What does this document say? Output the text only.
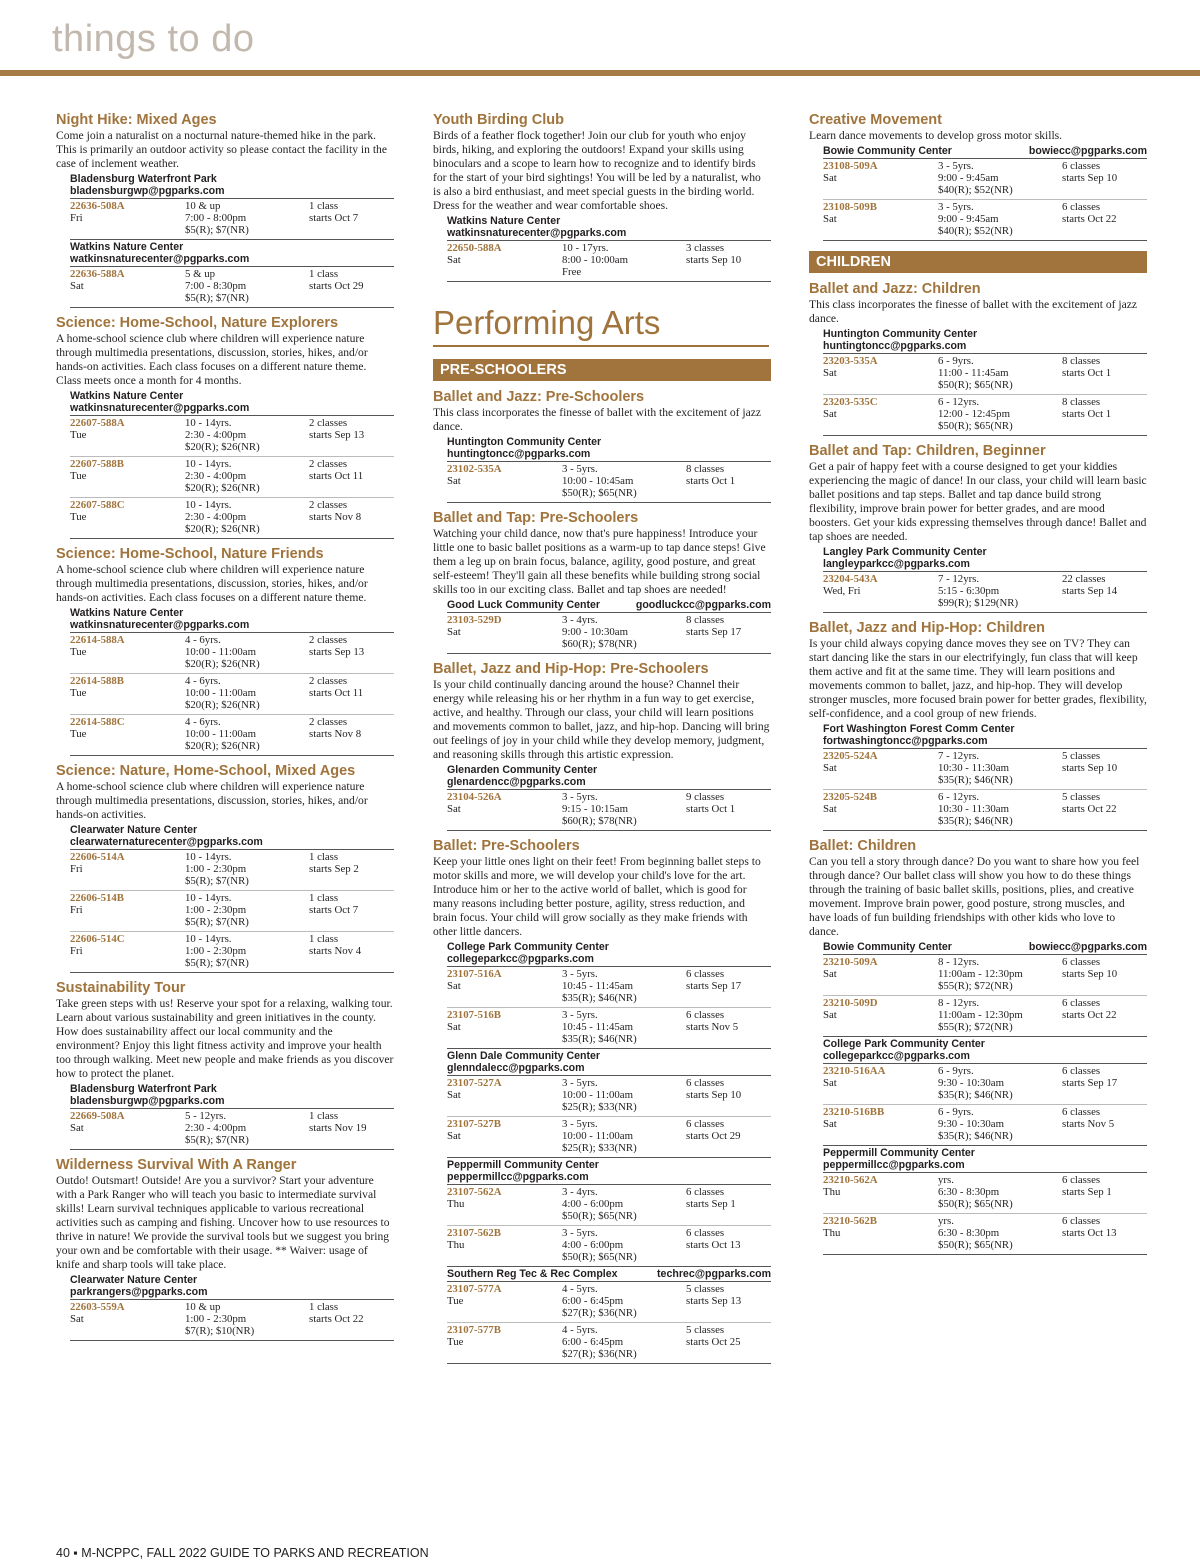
things to do
Night Hike: Mixed Ages
Come join a naturalist on a nocturnal nature-themed hike in the park. This is primarily an outdoor activity so please contact the facility in the case of inclement weather.
Bladensburg Waterfront Park
bladensburgwp@pgparks.com
22636-508A	10 & up	1 class
Fri	7:00 - 8:00pm	starts Oct 7
$5(R); $7(NR)
Watkins Nature Center
watkinsnaturecenter@pgparks.com
22636-588A	5 & up	1 class
Sat	7:00 - 8:30pm	starts Oct 29
$5(R); $7(NR)
Science: Home-School, Nature Explorers
A home-school science club where children will experience nature through multimedia presentations, discussion, stories, hikes, and/or hands-on activities. Each class focuses on a different nature theme. Class meets once a month for 4 months.
Watkins Nature Center
watkinsnaturecenter@pgparks.com
22607-588A	10 - 14yrs.	2 classes
Tue	2:30 - 4:00pm	starts Sep 13
$20(R); $26(NR)
22607-588B	10 - 14yrs.	2 classes
Tue	2:30 - 4:00pm	starts Oct 11
$20(R); $26(NR)
22607-588C	10 - 14yrs.	2 classes
Tue	2:30 - 4:00pm	starts Nov 8
$20(R); $26(NR)
Science: Home-School, Nature Friends
A home-school science club where children will experience nature through multimedia presentations, discussion, stories, hikes, and/or hands-on activities. Each class focuses on a different nature theme.
Watkins Nature Center
watkinsnaturecenter@pgparks.com
22614-588A	4 - 6yrs.	2 classes
Tue	10:00 - 11:00am	starts Sep 13
$20(R); $26(NR)
22614-588B	4 - 6yrs.	2 classes
Tue	10:00 - 11:00am	starts Oct 11
$20(R); $26(NR)
22614-588C	4 - 6yrs.	2 classes
Tue	10:00 - 11:00am	starts Nov 8
$20(R); $26(NR)
Science: Nature, Home-School, Mixed Ages
A home-school science club where children will experience nature through multimedia presentations, discussion, stories, hikes, and/or hands-on activities.
Clearwater Nature Center
clearwaternaturecenter@pgparks.com
22606-514A	10 - 14yrs.	1 class
Fri	1:00 - 2:30pm	starts Sep 2
$5(R); $7(NR)
22606-514B	10 - 14yrs.	1 class
Fri	1:00 - 2:30pm	starts Oct 7
$5(R); $7(NR)
22606-514C	10 - 14yrs.	1 class
Fri	1:00 - 2:30pm	starts Nov 4
$5(R); $7(NR)
Sustainability Tour
Take green steps with us! Reserve your spot for a relaxing, walking tour. Learn about various sustainability and green initiatives in the county. How does sustainability affect our local community and the environment? Enjoy this light fitness activity and improve your health too through walking. Meet new people and make friends as you discover how to protect the planet.
Bladensburg Waterfront Park
bladensburgwp@pgparks.com
22669-508A	5 - 12yrs.	1 class
Sat	2:30 - 4:00pm	starts Nov 19
$5(R); $7(NR)
Wilderness Survival With A Ranger
Outdo! Outsmart! Outside! Are you a survivor? Start your adventure with a Park Ranger who will teach you basic to intermediate survival skills! Learn survival techniques applicable to various recreational activities such as camping and fishing. Uncover how to use resources to thrive in nature! We provide the survival tools but we suggest you bring your own and be comfortable with their usage. ** Waiver: usage of knife and sharp tools will take place.
Clearwater Nature Center
parkrangers@pgparks.com
22603-559A	10 & up	1 class
Sat	1:00 - 2:30pm	starts Oct 22
$7(R); $10(NR)
Youth Birding Club
Birds of a feather flock together! Join our club for youth who enjoy birds, hiking, and exploring the outdoors! Expand your skills using binoculars and a scope to learn how to recognize and to identify birds for the start of your bird sightings! You will be led by a naturalist, who is also a bird enthusiast, and meet special guests in the birding world. Dress for the weather and wear comfortable shoes.
Watkins Nature Center
watkinsnaturecenter@pgparks.com
22650-588A	10 - 17yrs.	3 classes
Sat	8:00 - 10:00am	starts Sep 10
Free
Performing Arts
PRE-SCHOOLERS
Ballet and Jazz: Pre-Schoolers
This class incorporates the finesse of ballet with the excitement of jazz dance.
Huntington Community Center
huntingtoncc@pgparks.com
23102-535A	3 - 5yrs.	8 classes
Sat	10:00 - 10:45am	starts Oct 1
$50(R); $65(NR)
Ballet and Tap: Pre-Schoolers
Watching your child dance, now that's pure happiness! Introduce your little one to basic ballet positions as a warm-up to tap dance steps! Give them a leg up on brain focus, balance, agility, good posture, and great self-esteem! They'll gain all these benefits while building strong social skills too in our exciting class. Ballet and tap shoes are needed!
Good Luck Community Center	goodluckcc@pgparks.com
23103-529D	3 - 4yrs.	8 classes
Sat	9:00 - 10:30am	starts Sep 17
$60(R); $78(NR)
Ballet, Jazz and Hip-Hop: Pre-Schoolers
Is your child continually dancing around the house? Channel their energy while releasing his or her rhythm in a fun way to get exercise, active, and healthy. Through our class, your child will learn positions and movements common to ballet, jazz, and hip-hop. Dancing will bring out feelings of joy in your child while they develop memory, judgment, and reasoning skills through this artistic expression.
Glenarden Community Center
glenardencc@pgparks.com
23104-526A	3 - 5yrs.	9 classes
Sat	9:15 - 10:15am	starts Oct 1
$60(R); $78(NR)
Ballet: Pre-Schoolers
Keep your little ones light on their feet! From beginning ballet steps to motor skills and more, we will develop your child's love for the art. Introduce him or her to the active world of ballet, which is good for many reasons including better posture, agility, stress reduction, and brain focus. Your child will grow socially as they make friends with other little dancers.
College Park Community Center
collegeparkcc@pgparks.com
23107-516A	3 - 5yrs.	6 classes
Sat	10:45 - 11:45am	starts Sep 17
$35(R); $46(NR)
23107-516B	3 - 5yrs.	6 classes
Sat	10:45 - 11:45am	starts Nov 5
$35(R); $46(NR)
Glenn Dale Community Center
glenndalecc@pgparks.com
23107-527A	3 - 5yrs.	6 classes
Sat	10:00 - 11:00am	starts Sep 10
$25(R); $33(NR)
23107-527B	3 - 5yrs.	6 classes
Sat	10:00 - 11:00am	starts Oct 29
$25(R); $33(NR)
Peppermill Community Center
peppermillcc@pgparks.com
23107-562A	3 - 4yrs.	6 classes
Thu	4:00 - 6:00pm	starts Sep 1
$50(R); $65(NR)
23107-562B	3 - 5yrs.	6 classes
Thu	4:00 - 6:00pm	starts Oct 13
$50(R); $65(NR)
Southern Reg Tec & Rec Complex	techrec@pgparks.com
23107-577A	4 - 5yrs.	5 classes
Tue	6:00 - 6:45pm	starts Sep 13
$27(R); $36(NR)
23107-577B	4 - 5yrs.	5 classes
Tue	6:00 - 6:45pm	starts Oct 25
$27(R); $36(NR)
Creative Movement
Learn dance movements to develop gross motor skills.
Bowie Community Center	bowiecc@pgparks.com
23108-509A	3 - 5yrs.	6 classes
Sat	9:00 - 9:45am	starts Sep 10
$40(R); $52(NR)
23108-509B	3 - 5yrs.	6 classes
Sat	9:00 - 9:45am	starts Oct 22
$40(R); $52(NR)
CHILDREN
Ballet and Jazz: Children
This class incorporates the finesse of ballet with the excitement of jazz dance.
Huntington Community Center
huntingtoncc@pgparks.com
23203-535A	6 - 9yrs.	8 classes
Sat	11:00 - 11:45am	starts Oct 1
$50(R); $65(NR)
23203-535C	6 - 12yrs.	8 classes
Sat	12:00 - 12:45pm	starts Oct 1
$50(R); $65(NR)
Ballet and Tap: Children, Beginner
Get a pair of happy feet with a course designed to get your kiddies experiencing the magic of dance! In our class, your child will learn basic ballet positions and tap steps. Ballet and tap dance build strong flexibility, improve brain power for better grades, and are mood boosters. Get your kids expressing themselves through dance! Ballet and tap shoes are needed.
Langley Park Community Center
langleyparkcc@pgparks.com
23204-543A	7 - 12yrs.	22 classes
Wed, Fri	5:15 - 6:30pm	starts Sep 14
$99(R); $129(NR)
Ballet, Jazz and Hip-Hop: Children
Is your child always copying dance moves they see on TV? They can start dancing like the stars in our electrifyingly, fun class that will keep them active and fit at the same time. They will learn positions and movements common to ballet, jazz, and hip-hop. They will develop stronger muscles, more focused brain power for better grades, flexibility, self-confidence, and a cool group of new friends.
Fort Washington Forest Comm Center
fortwashingtoncc@pgparks.com
23205-524A	7 - 12yrs.	5 classes
Sat	10:30 - 11:30am	starts Sep 10
$35(R); $46(NR)
23205-524B	6 - 12yrs.	5 classes
Sat	10:30 - 11:30am	starts Oct 22
$35(R); $46(NR)
Ballet: Children
Can you tell a story through dance? Do you want to share how you feel through dance? Our ballet class will show you how to do these things through the training of basic ballet skills, positions, plies, and creative movement. Improve brain power, good posture, strong muscles, and have loads of fun building friendships with other kids who love to dance.
Bowie Community Center	bowiecc@pgparks.com
23210-509A	8 - 12yrs.	6 classes
Sat	11:00am - 12:30pm	starts Sep 10
$55(R); $72(NR)
23210-509D	8 - 12yrs.	6 classes
Sat	11:00am - 12:30pm	starts Oct 22
$55(R); $72(NR)
College Park Community Center
collegeparkcc@pgparks.com
23210-516AA	6 - 9yrs.	6 classes
Sat	9:30 - 10:30am	starts Sep 17
$35(R); $46(NR)
23210-516BB	6 - 9yrs.	6 classes
Sat	9:30 - 10:30am	starts Nov 5
$35(R); $46(NR)
Peppermill Community Center
peppermillcc@pgparks.com
23210-562A	yrs.	6 classes
Thu	6:30 - 8:30pm	starts Sep 1
$50(R); $65(NR)
23210-562B	yrs.	6 classes
Thu	6:30 - 8:30pm	starts Oct 13
$50(R); $65(NR)
40 ▪ M-NCPPC, FALL 2022 GUIDE TO PARKS AND RECREATION
